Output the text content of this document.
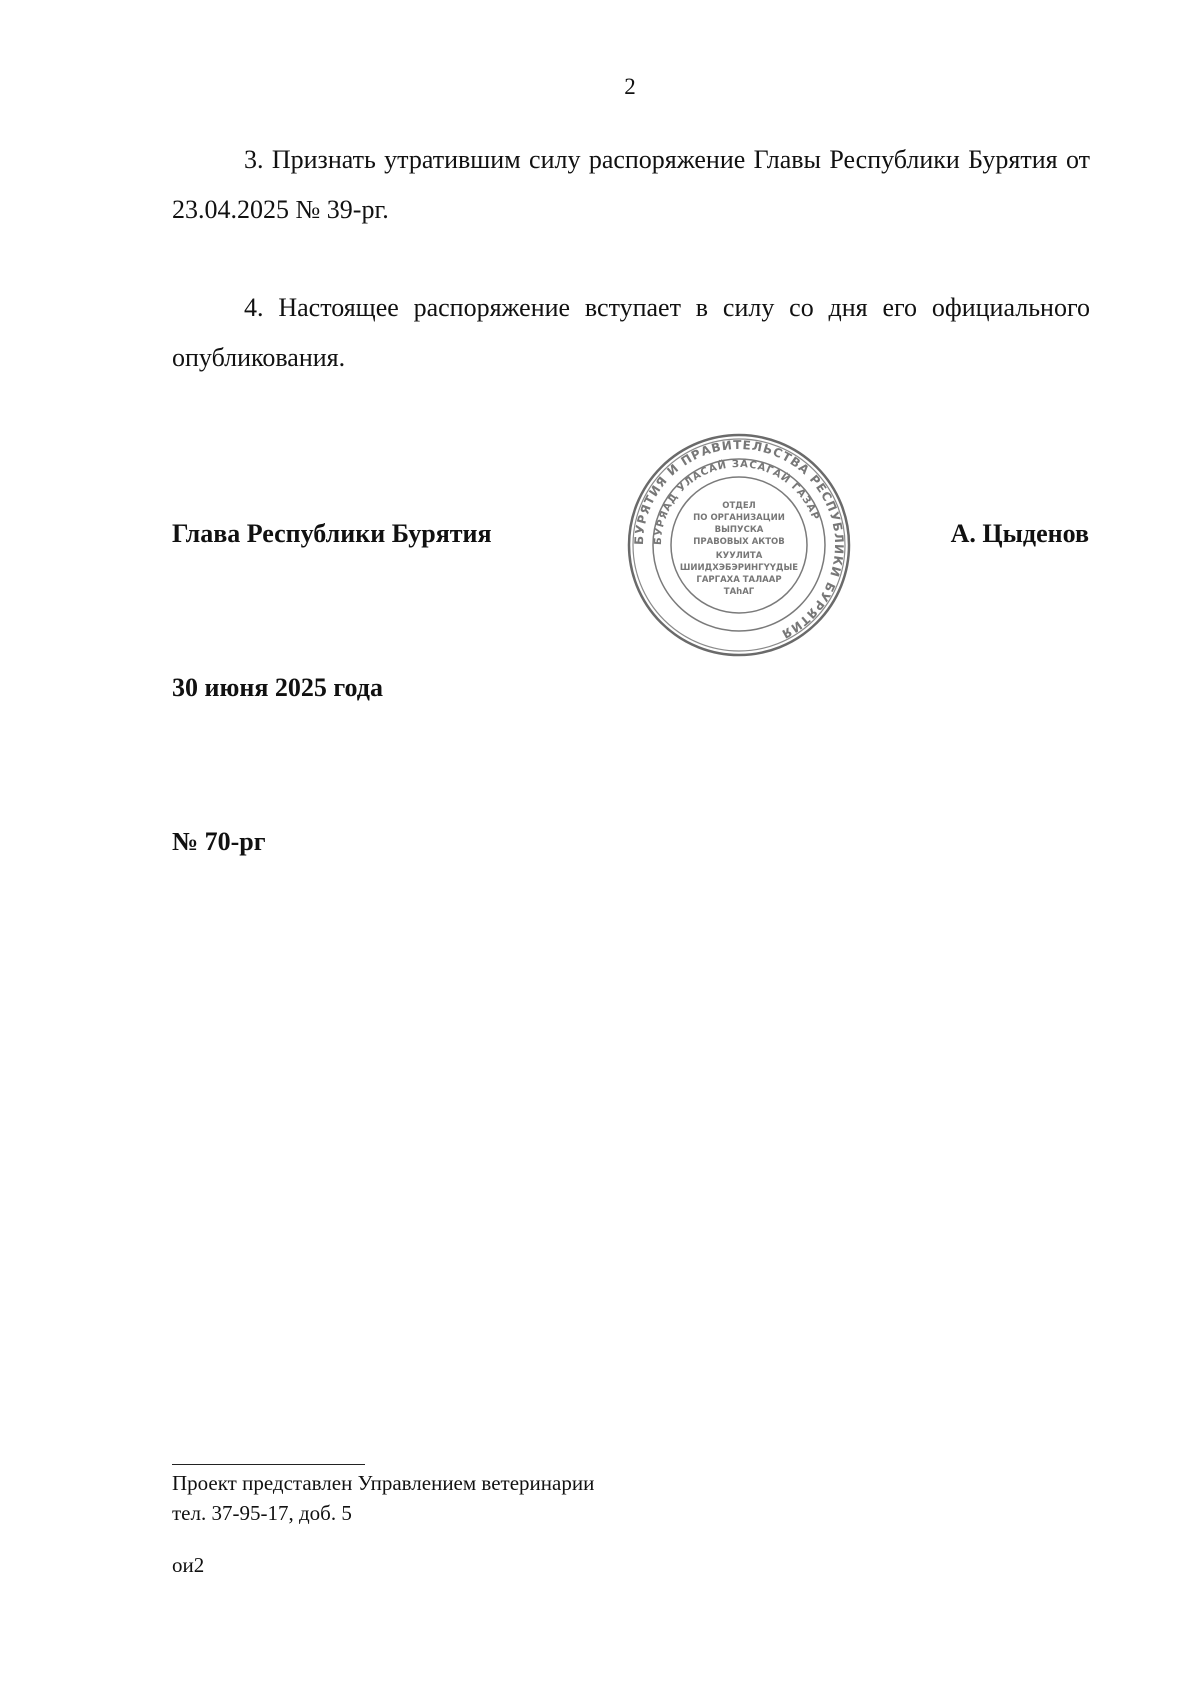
2

3. Признать утратившим силу распоряжение Главы Республики Бурятия от 23.04.2025 № 39-рг.

4. Настоящее распоряжение вступает в силу со дня его официального опубликования.

Глава Республики Бурятия	БУРЯТИЯ И ПРАВИТЕЛЬСТВА РЕСПУБЛИКИ БУРЯТИЯ
БУРЯАД УЛАСАЙ ЗАСАГАЙ ГАЗАР
ОТДЕЛ
ПО ОРГАНИЗАЦИИ
ВЫПУСКА
ПРАВОВЫХ АКТОВ
КУУЛИТА
ШИИДХЭБЭРИНГҮҮДЫЕ
ГАРГАХА ТАЛААР
ТАһАГ
А. Цыденов
30 июня 2025 года
№ 70-рг
Проект представлен Управлением ветеринарии
тел. 37-95-17, доб. 5
ои2
